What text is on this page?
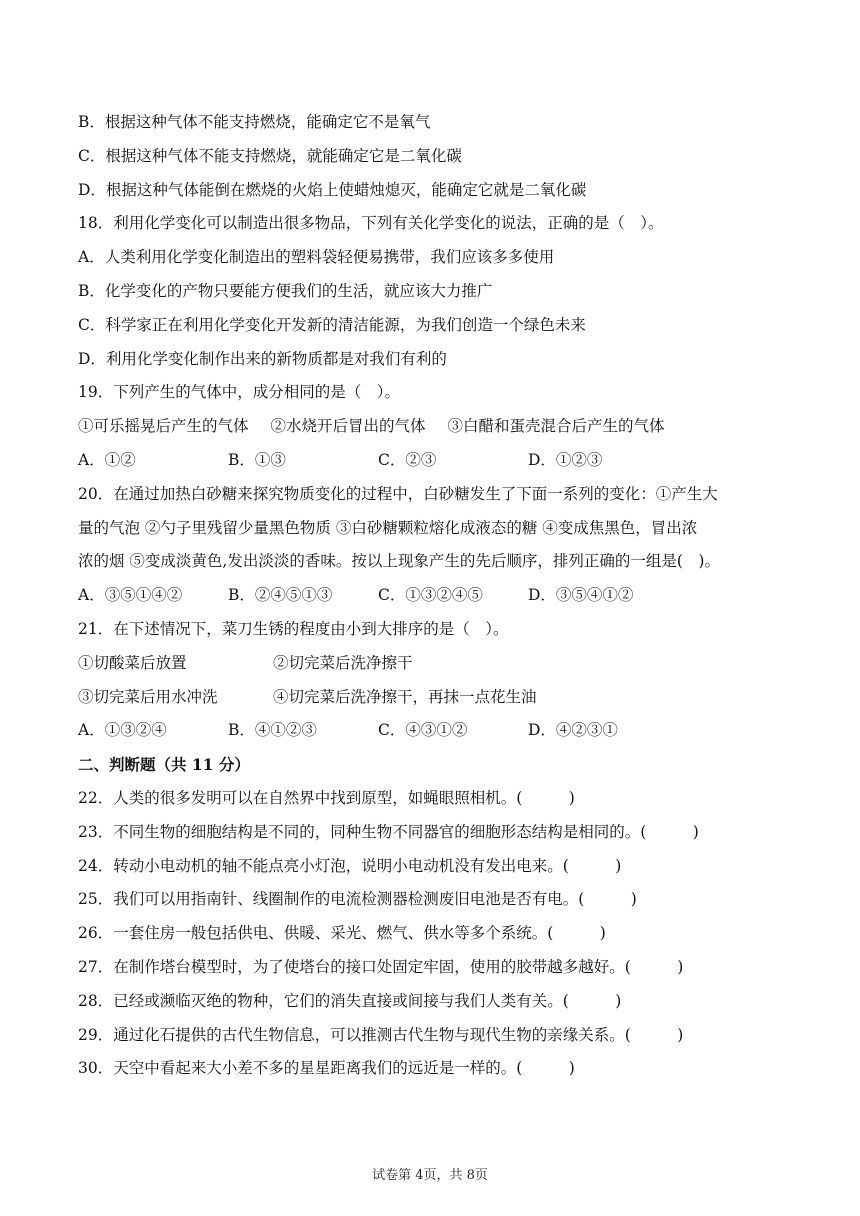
B．根据这种气体不能支持燃烧，能确定它不是氧气
C．根据这种气体不能支持燃烧，就能确定它是二氧化碳
D．根据这种气体能倒在燃烧的火焰上使蜡烛熄灭，能确定它就是二氧化碳
18．利用化学变化可以制造出很多物品，下列有关化学变化的说法，正确的是（　）。
A．人类利用化学变化制造出的塑料袋轻便易携带，我们应该多多使用
B．化学变化的产物只要能方便我们的生活，就应该大力推广
C．科学家正在利用化学变化开发新的清洁能源，为我们创造一个绿色未来
D．利用化学变化制作出来的新物质都是对我们有利的
19．下列产生的气体中，成分相同的是（　）。
①可乐摇晃后产生的气体 ②水烧开后冒出的气体 ③白醋和蛋壳混合后产生的气体
A．①②	B．①③	C．②③	D．①②③
20．在通过加热白砂糖来探究物质变化的过程中，白砂糖发生了下面一系列的变化：①产生大
量的气泡 ②勺子里残留少量黑色物质 ③白砂糖颗粒熔化成液态的糖 ④变成焦黑色，冒出浓
浓的烟 ⑤变成淡黄色,发出淡淡的香味。按以上现象产生的先后顺序，排列正确的一组是(　)。
A．③⑤①④②	B．②④⑤①③	C．①③②④⑤	D．③⑤④①②
21．在下述情况下，菜刀生锈的程度由小到大排序的是（　）。
①切酸菜后放置	②切完菜后洗净擦干
③切完菜后用水冲洗	④切完菜后洗净擦干，再抹一点花生油
A．①③②④	B．④①②③	C．④③①②	D．④②③①
二、判断题（共 11 分）
22．人类的很多发明可以在自然界中找到原型，如蝇眼照相机。(　　　)
23．不同生物的细胞结构是不同的，同种生物不同器官的细胞形态结构是相同的。(　　　)
24．转动小电动机的轴不能点亮小灯泡，说明小电动机没有发出电来。(　　　)
25．我们可以用指南针、线圈制作的电流检测器检测废旧电池是否有电。(　　　)
26．一套住房一般包括供电、供暖、采光、燃气、供水等多个系统。(　　　)
27．在制作塔台模型时，为了使塔台的接口处固定牢固，使用的胶带越多越好。(　　　)
28．已经或濒临灭绝的物种，它们的消失直接或间接与我们人类有关。(　　　)
29．通过化石提供的古代生物信息，可以推测古代生物与现代生物的亲缘关系。(　　　)
30．天空中看起来大小差不多的星星距离我们的远近是一样的。(　　　)
试卷第 4页，共 8页
